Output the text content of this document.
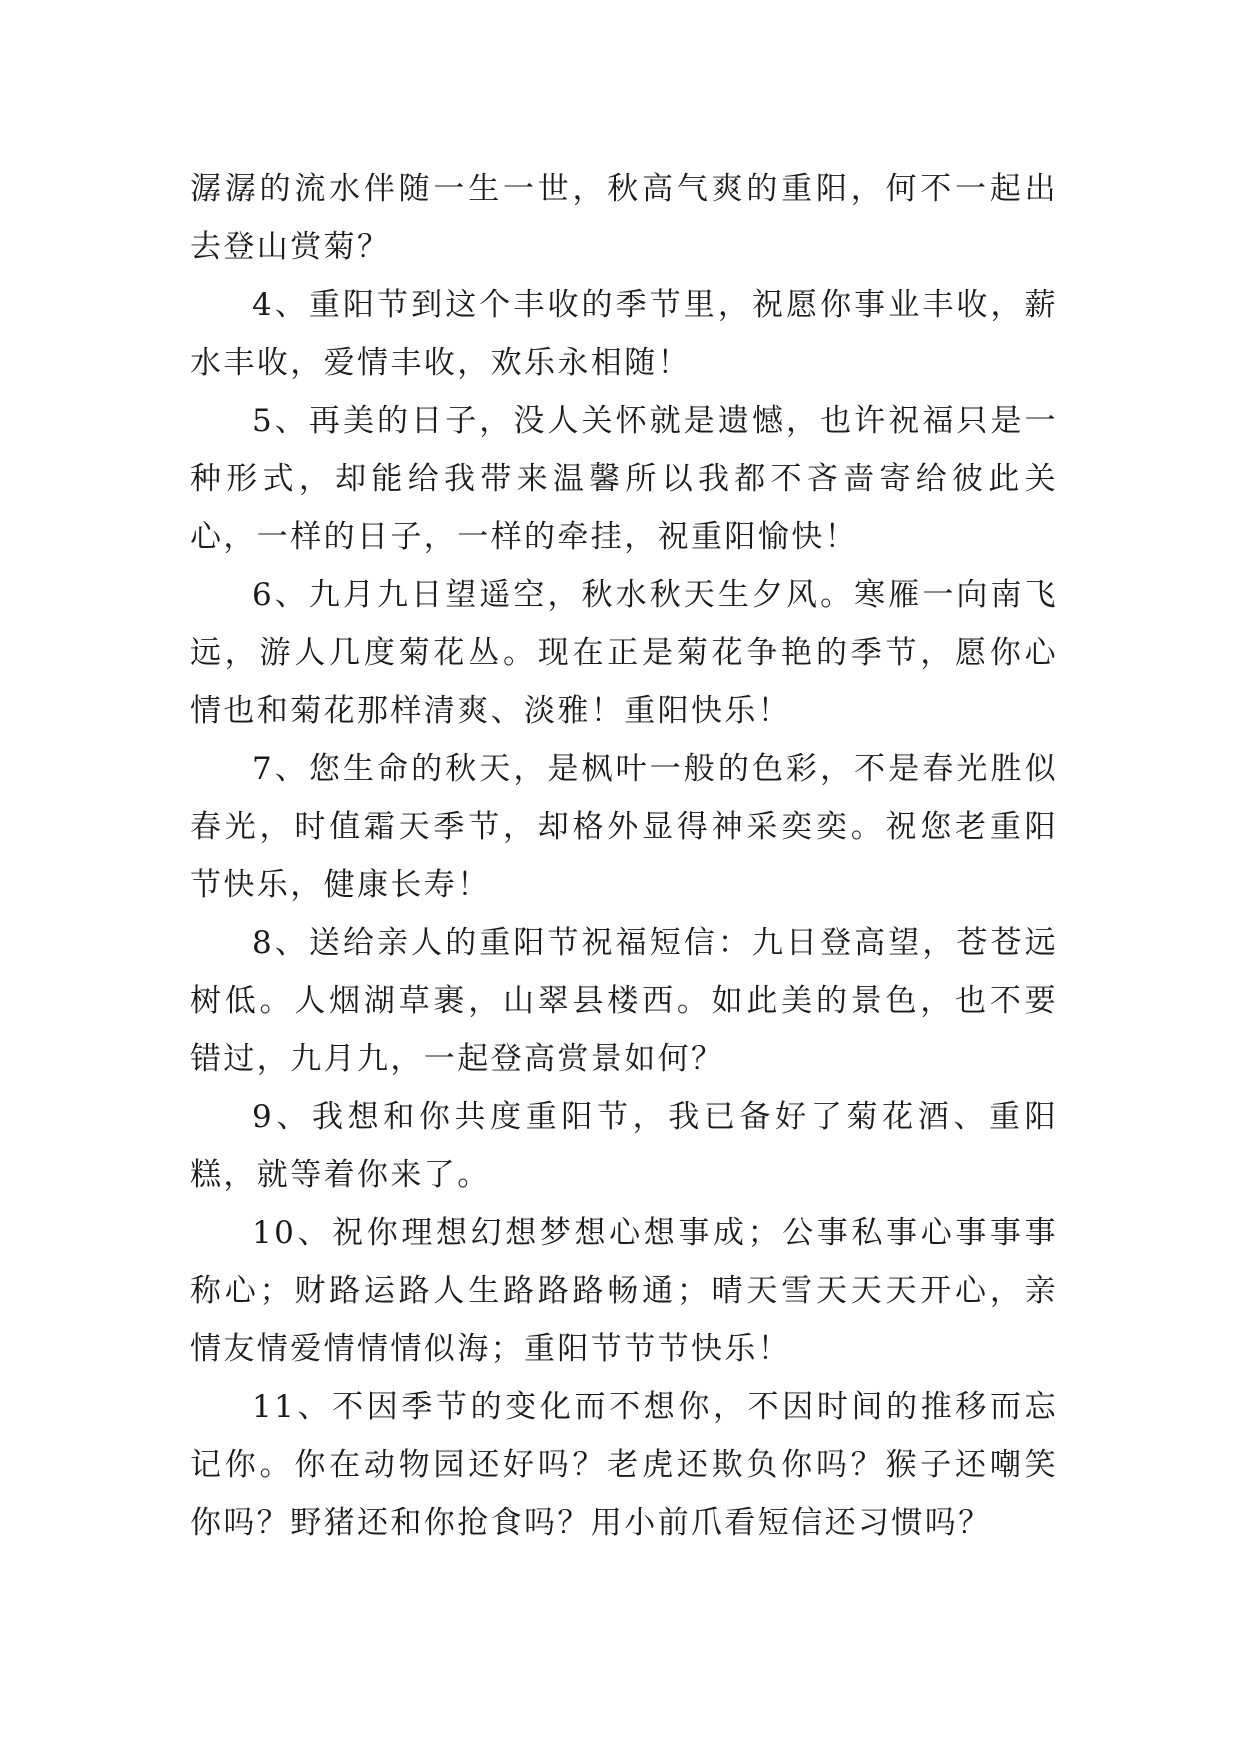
潺潺的流水伴随一生一世，秋高气爽的重阳，何不一起出去登山赏菊？

4、重阳节到这个丰收的季节里，祝愿你事业丰收，薪水丰收，爱情丰收，欢乐永相随！

5、再美的日子，没人关怀就是遗憾，也许祝福只是一种形式，却能给我带来温馨所以我都不吝啬寄给彼此关心，一样的日子，一样的牵挂，祝重阳愉快！

6、九月九日望遥空，秋水秋天生夕风。寒雁一向南飞远，游人几度菊花丛。现在正是菊花争艳的季节，愿你心情也和菊花那样清爽、淡雅！重阳快乐！

7、您生命的秋天，是枫叶一般的色彩，不是春光胜似春光，时值霜天季节，却格外显得神采奕奕。祝您老重阳节快乐，健康长寿！

8、送给亲人的重阳节祝福短信：九日登高望，苍苍远树低。人烟湖草裹，山翠县楼西。如此美的景色，也不要错过，九月九，一起登高赏景如何？

9、我想和你共度重阳节，我已备好了菊花酒、重阳糕，就等着你来了。

10、祝你理想幻想梦想心想事成；公事私事心事事事称心；财路运路人生路路路畅通；晴天雪天天天开心，亲情友情爱情情情似海；重阳节节节快乐！

11、不因季节的变化而不想你，不因时间的推移而忘记你。你在动物园还好吗？老虎还欺负你吗？猴子还嘲笑你吗？野猪还和你抢食吗？用小前爪看短信还习惯吗？
